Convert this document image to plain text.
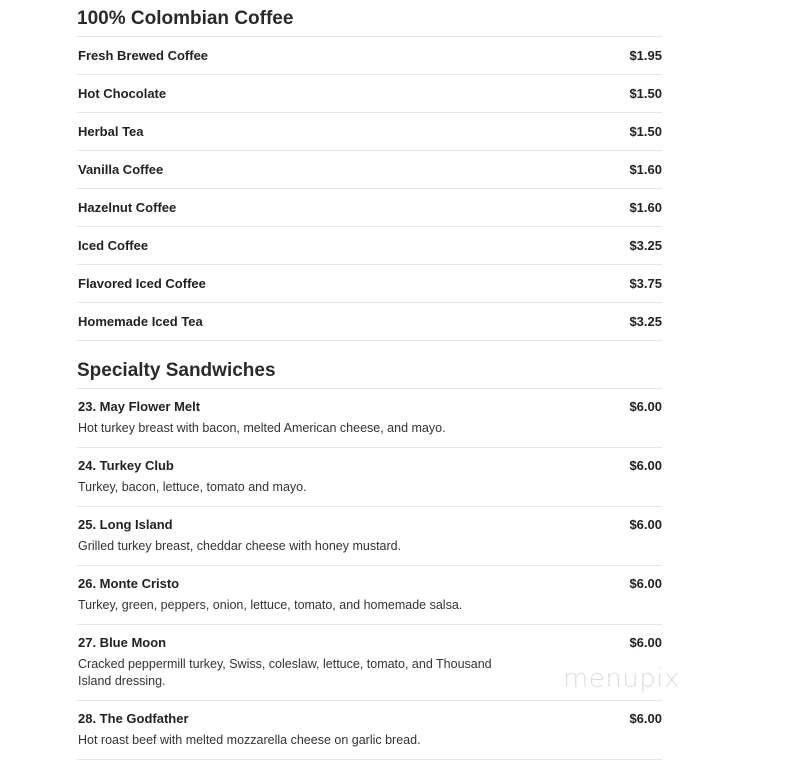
100% Colombian Coffee
Fresh Brewed Coffee	$1.95
Hot Chocolate	$1.50
Herbal Tea	$1.50
Vanilla Coffee	$1.60
Hazelnut Coffee	$1.60
Iced Coffee	$3.25
Flavored Iced Coffee	$3.75
Homemade Iced Tea	$3.25
Specialty Sandwiches
23. May Flower Melt	$6.00
Hot turkey breast with bacon, melted American cheese, and mayo.
24. Turkey Club	$6.00
Turkey, bacon, lettuce, tomato and mayo.
25. Long Island	$6.00
Grilled turkey breast, cheddar cheese with honey mustard.
26. Monte Cristo	$6.00
Turkey, green, peppers, onion, lettuce, tomato, and homemade salsa.
27. Blue Moon	$6.00
Cracked peppermill turkey, Swiss, coleslaw, lettuce, tomato, and Thousand Island dressing.
28. The Godfather	$6.00
Hot roast beef with melted mozzarella cheese on garlic bread.
menupix
